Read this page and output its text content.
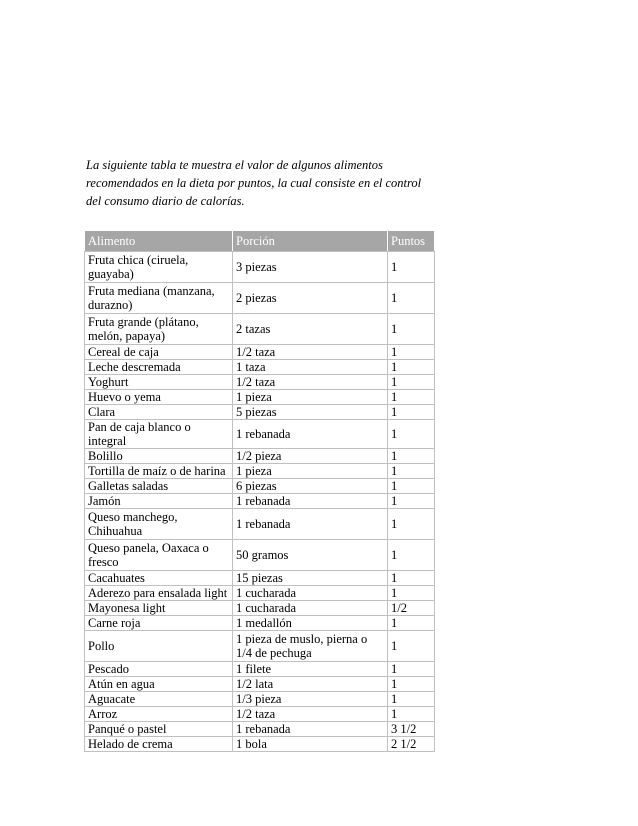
La siguiente tabla te muestra el valor de algunos alimentos

recomendados en la dieta por puntos, la cual consiste en el control

del consumo diario de calorías.

Alimento	Porción	Puntos
Fruta chica (ciruela, guayaba)	3 piezas	1
Fruta mediana (manzana, durazno)	2 piezas	1
Fruta grande (plátano, melón, papaya)	2 tazas	1
Cereal de caja	1/2 taza	1
Leche descremada	1 taza	1
Yoghurt	1/2 taza	1
Huevo o yema	1 pieza	1
Clara	5 piezas	1
Pan de caja blanco o integral	1 rebanada	1
Bolillo	1/2 pieza	1
Tortilla de maíz o de harina	1 pieza	1
Galletas saladas	6 piezas	1
Jamón	1 rebanada	1
Queso manchego, Chihuahua	1 rebanada	1
Queso panela, Oaxaca o fresco	50 gramos	1
Cacahuates	15 piezas	1
Aderezo para ensalada light	1 cucharada	1
Mayonesa light	1 cucharada	1/2
Carne roja	1 medallón	1
Pollo	1 pieza de muslo, pierna o 1/4 de pechuga	1
Pescado	1 filete	1
Atún en agua	1/2 lata	1
Aguacate	1/3 pieza	1
Arroz	1/2 taza	1
Panqué o pastel	1 rebanada	3 1/2
Helado de crema	1 bola	2 1/2
